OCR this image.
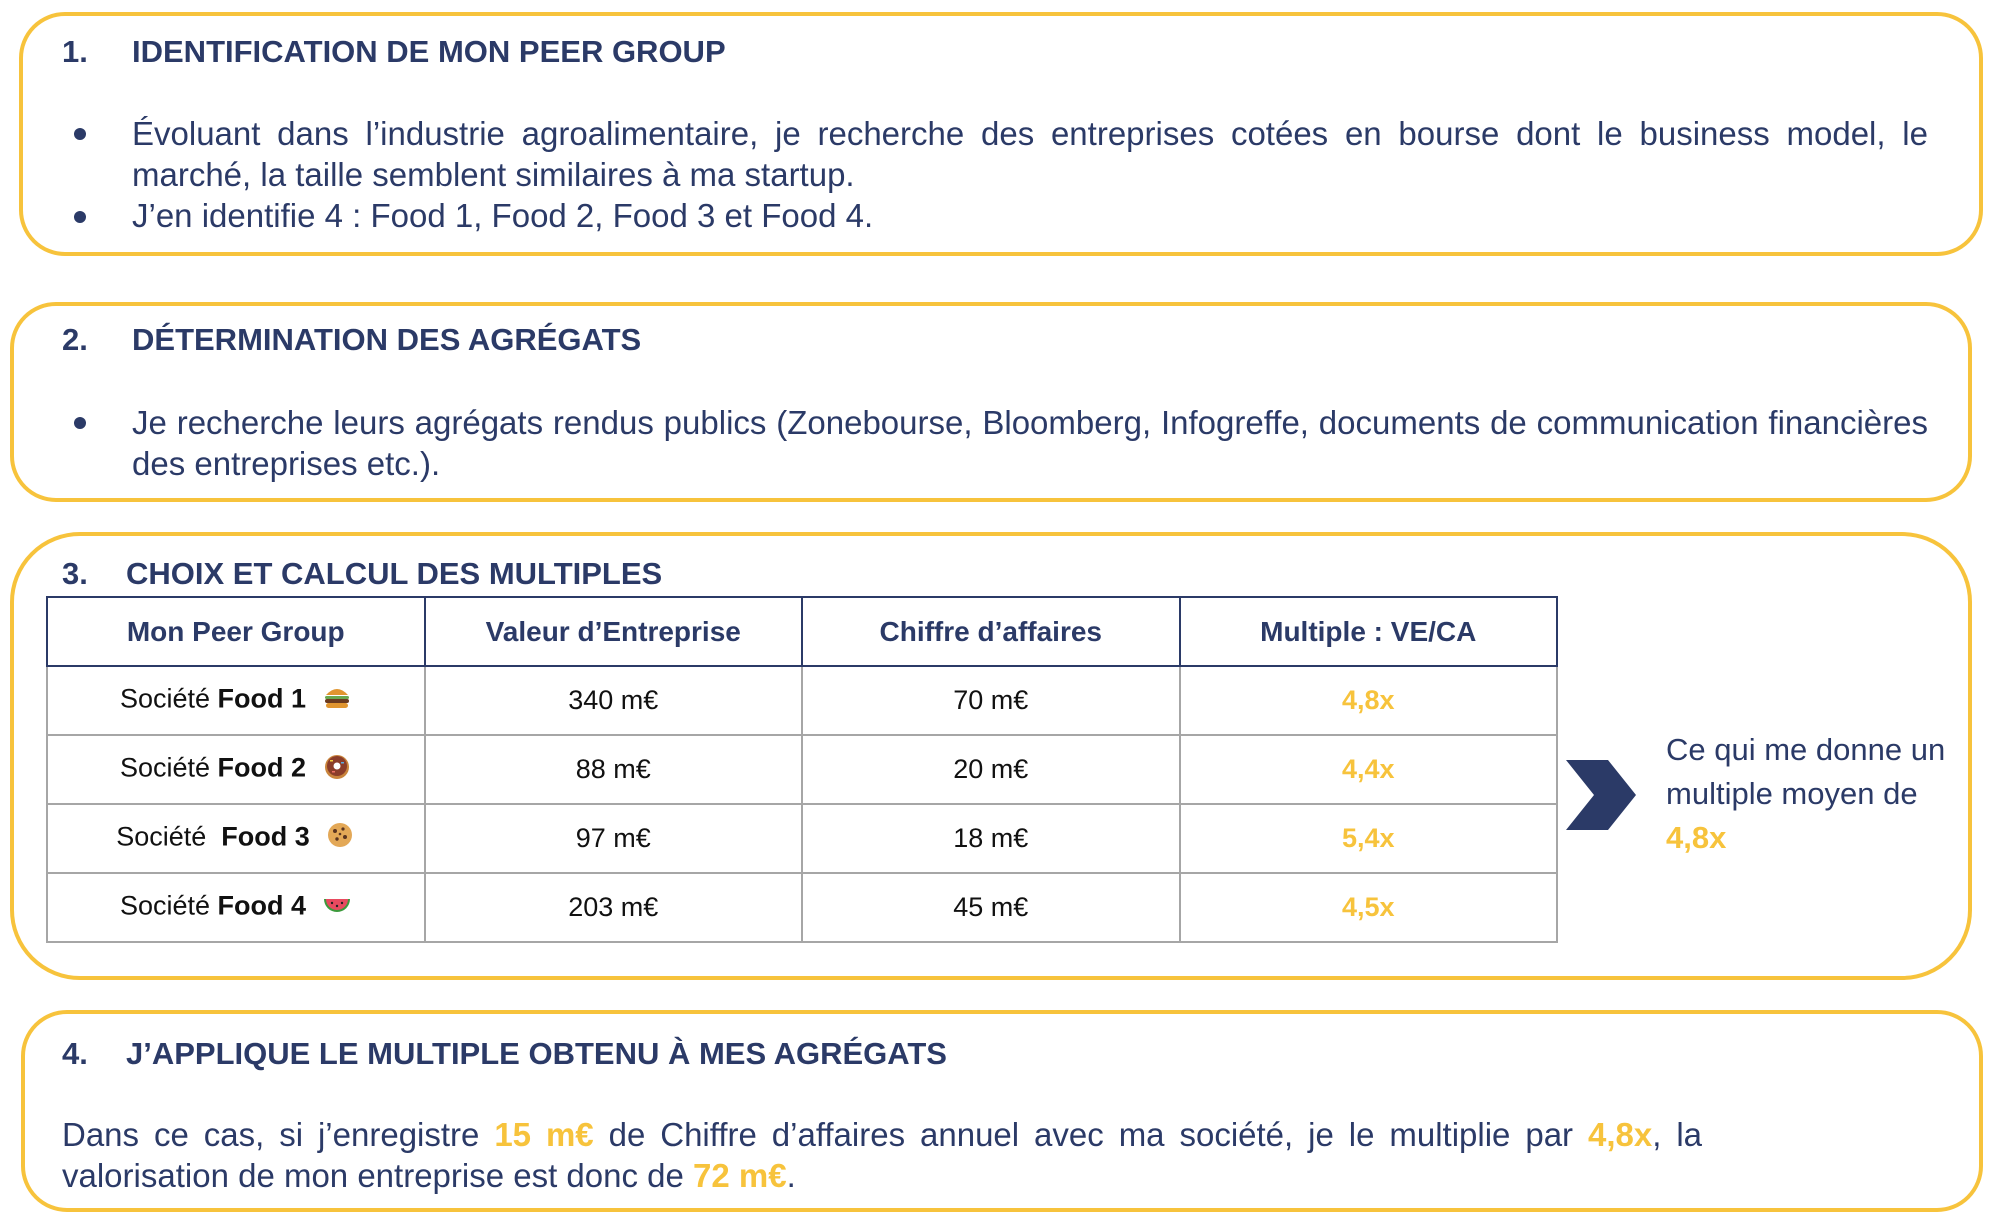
1. IDENTIFICATION DE MON PEER GROUP
Évoluant dans l’industrie agroalimentaire, je recherche des entreprises cotées en bourse dont le business model, le marché, la taille semblent similaires à ma startup.
J’en identifie 4 : Food 1, Food 2, Food 3 et Food 4.
2. DÉTERMINATION DES AGRÉGATS
Je recherche leurs agrégats rendus publics (Zonebourse, Bloomberg, Infogreffe, documents de communication financières des entreprises etc.).
3. CHOIX ET CALCUL DES MULTIPLES
Mon Peer Group	Valeur d’Entreprise	Chiffre d’affaires	Multiple : VE/CA
Société Food 1	340 m€	70 m€	4,8x
Société Food 2	88 m€	20 m€	4,4x
Société Food 3	97 m€	18 m€	5,4x
Société Food 4	203 m€	45 m€	4,5x
Ce qui me donne un multiple moyen de 4,8x
4. J’APPLIQUE LE MULTIPLE OBTENU À MES AGRÉGATS
Dans ce cas, si j’enregistre 15 m€ de Chiffre d’affaires annuel avec ma société, je le multiplie par 4,8x, la valorisation de mon entreprise est donc de 72 m€.
